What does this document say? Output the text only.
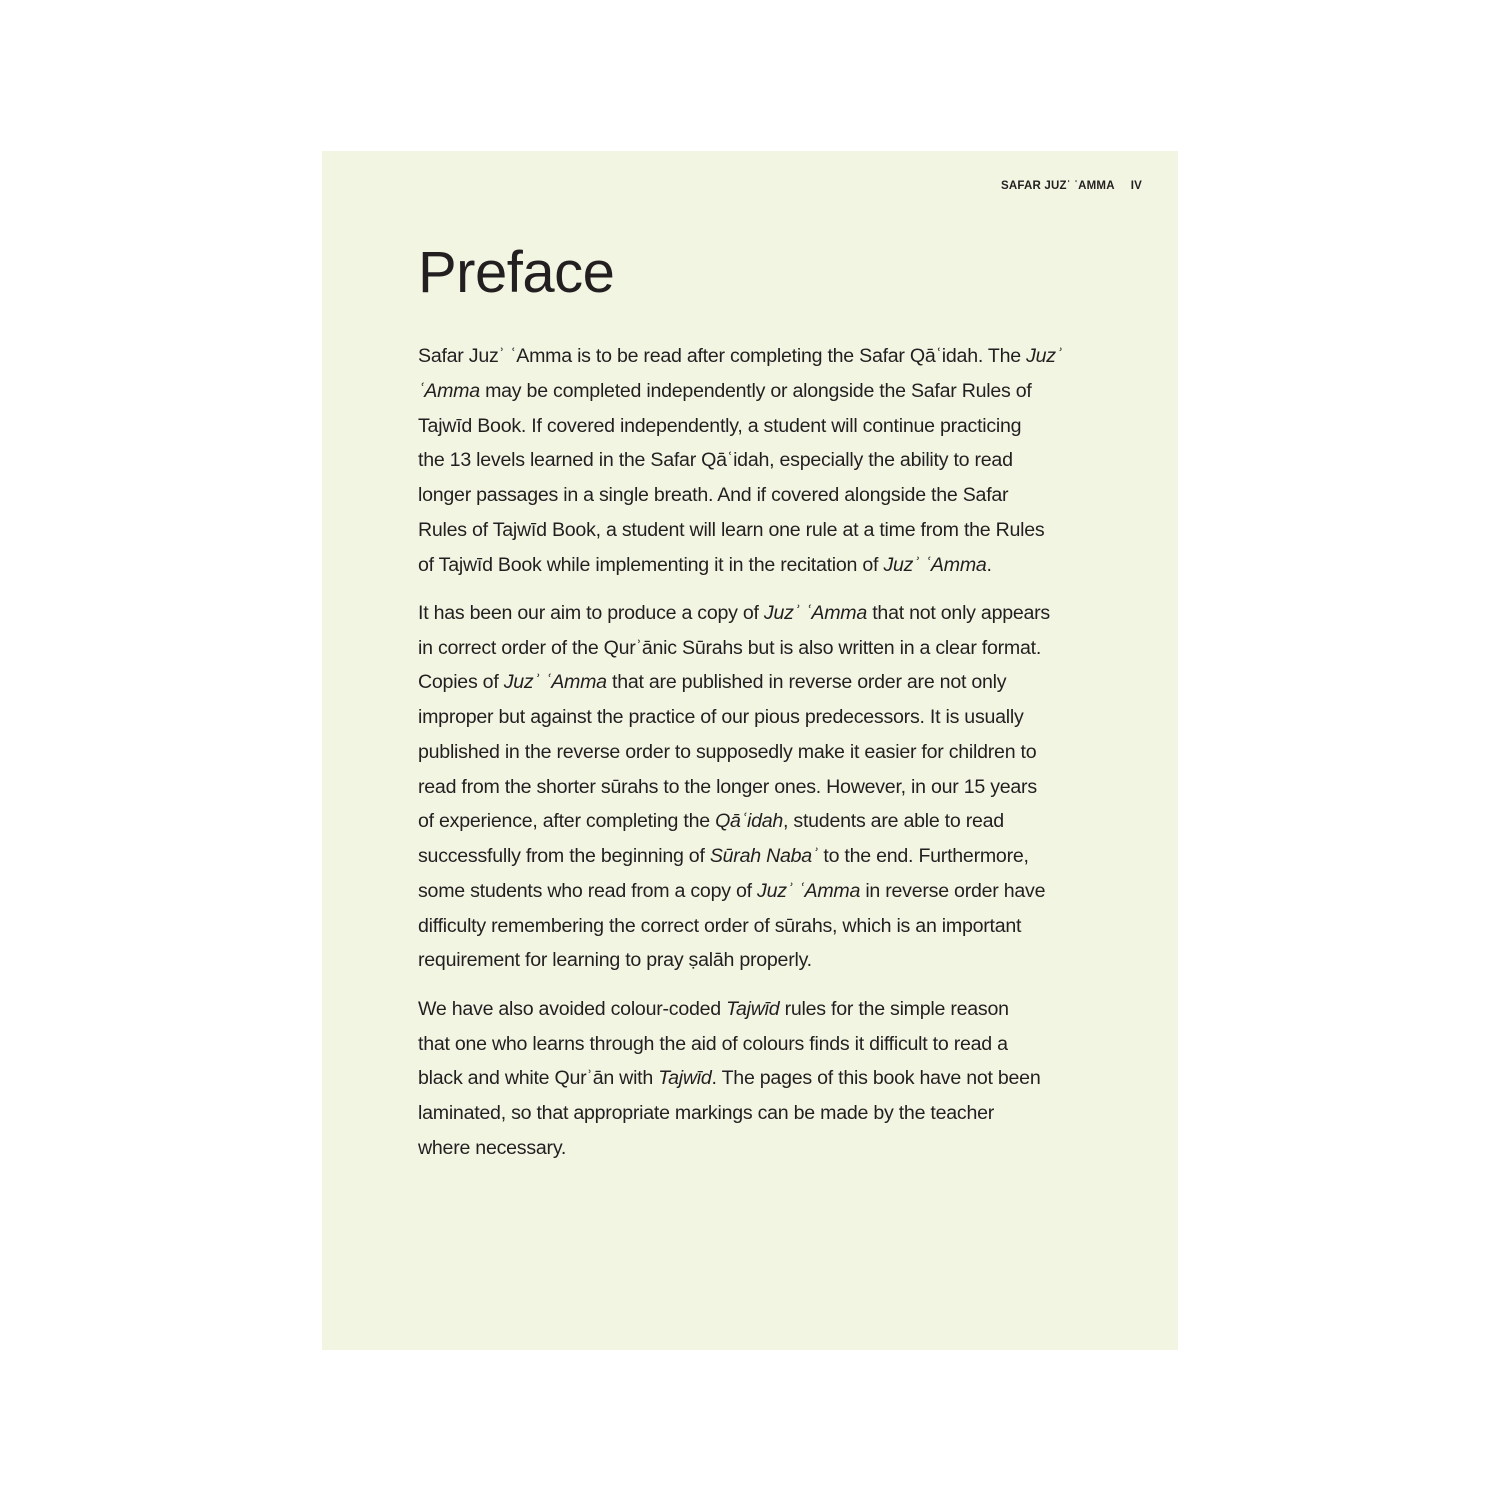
SAFAR JUZʾ ʿAMMA IV
Preface

Safar Juzʾ ʿAmma is to be read after completing the Safar Qāʿidah. The Juzʾ
ʿAmma may be completed independently or alongside the Safar Rules of
Tajwīd Book. If covered independently, a student will continue practicing
the 13 levels learned in the Safar Qāʿidah, especially the ability to read
longer passages in a single breath. And if covered alongside the Safar
Rules of Tajwīd Book, a student will learn one rule at a time from the Rules
of Tajwīd Book while implementing it in the recitation of Juzʾ ʿAmma.

It has been our aim to produce a copy of Juzʾ ʿAmma that not only appears
in correct order of the Qurʾānic Sūrahs but is also written in a clear format.
Copies of Juzʾ ʿAmma that are published in reverse order are not only
improper but against the practice of our pious predecessors. It is usually
published in the reverse order to supposedly make it easier for children to
read from the shorter sūrahs to the longer ones. However, in our 15 years
of experience, after completing the Qāʿidah, students are able to read
successfully from the beginning of Sūrah Nabaʾ to the end. Furthermore,
some students who read from a copy of Juzʾ ʿAmma in reverse order have
difficulty remembering the correct order of sūrahs, which is an important
requirement for learning to pray ṣalāh properly.

We have also avoided colour-coded Tajwīd rules for the simple reason
that one who learns through the aid of colours finds it difficult to read a
black and white Qurʾān with Tajwīd. The pages of this book have not been
laminated, so that appropriate markings can be made by the teacher
where necessary.
